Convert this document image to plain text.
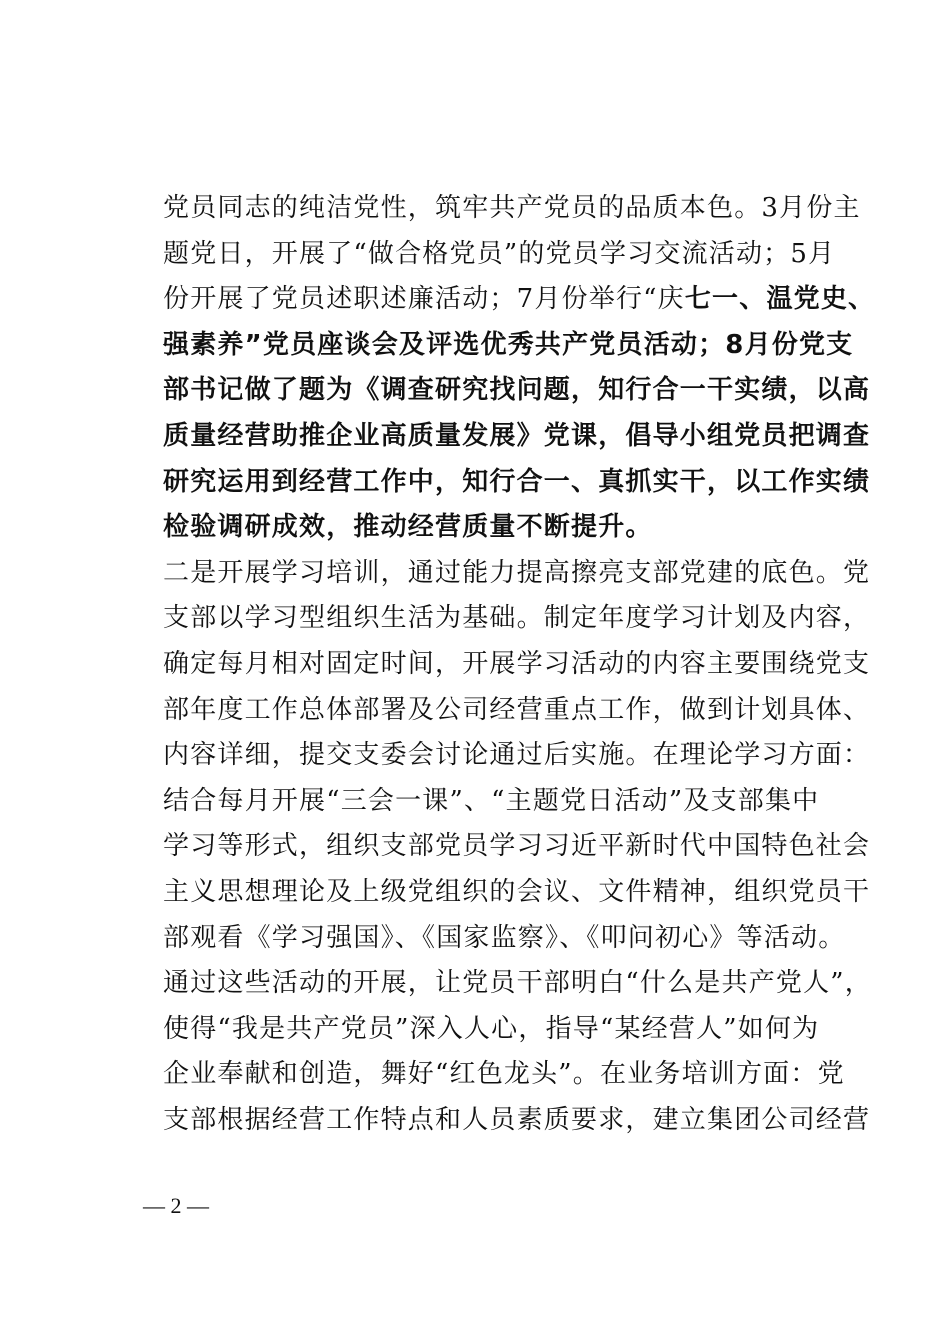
党员同志的纯洁党性，筑牢共产党员的品质本色。3月份主
题党日，开展了“做合格党员”的党员学习交流活动；5月
份开展了党员述职述廉活动；7月份举行“庆七一、温党史、
强素养”党员座谈会及评选优秀共产党员活动；8月份党支
部书记做了题为《调查研究找问题，知行合一干实绩，以高
质量经营助推企业高质量发展》党课，倡导小组党员把调查
研究运用到经营工作中，知行合一、真抓实干，以工作实绩
检验调研成效，推动经营质量不断提升。
二是开展学习培训，通过能力提高擦亮支部党建的底色。党
支部以学习型组织生活为基础。制定年度学习计划及内容，
确定每月相对固定时间，开展学习活动的内容主要围绕党支
部年度工作总体部署及公司经营重点工作，做到计划具体、
内容详细，提交支委会讨论通过后实施。在理论学习方面：
结合每月开展“三会一课”、“主题党日活动”及支部集中
学习等形式，组织支部党员学习习近平新时代中国特色社会
主义思想理论及上级党组织的会议、文件精神，组织党员干
部观看《学习强国》、《国家监察》、《叩问初心》等活动。
通过这些活动的开展，让党员干部明白“什么是共产党人”，
使得“我是共产党员”深入人心，指导“某经营人”如何为
企业奉献和创造，舞好“红色龙头”。在业务培训方面：党
支部根据经营工作特点和人员素质要求，建立集团公司经营
— 2 —
